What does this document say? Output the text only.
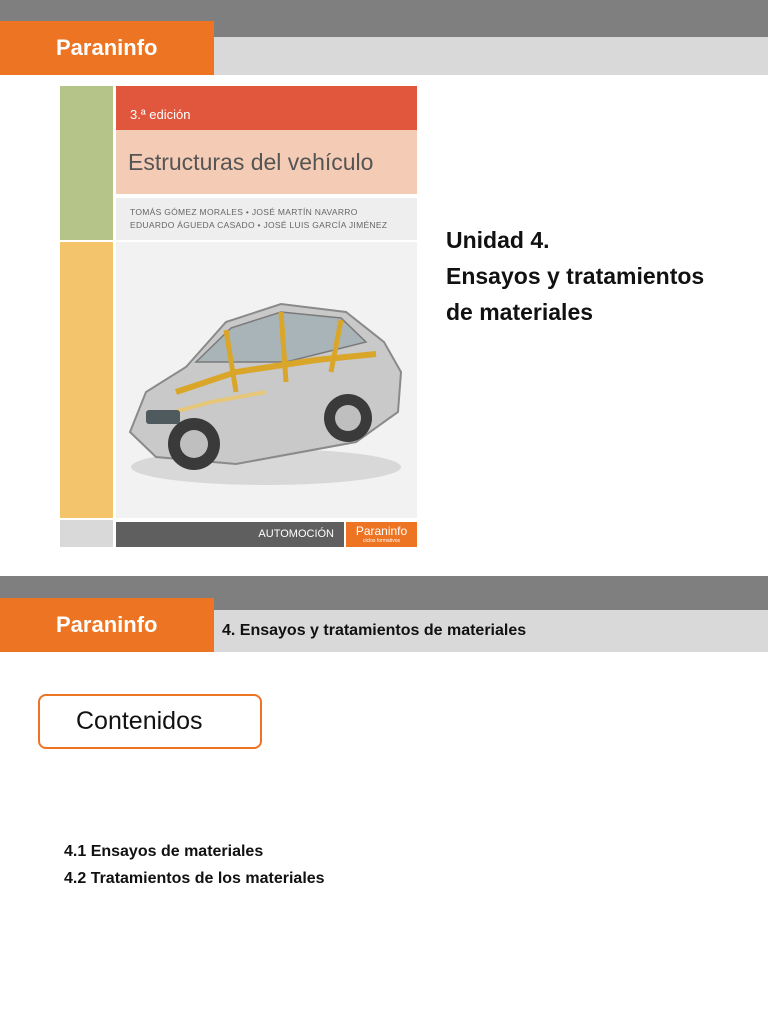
Paraninfo
3.ª edición
Estructuras del vehículo
TOMÁS GÓMEZ MORALES • JOSÉ MARTÍN NAVARRO
EDUARDO ÁGUEDA CASADO • JOSÉ LUIS GARCÍA JIMÉNEZ
AUTOMOCIÓN	Paraninfo
ciclos formativos
Unidad 4.
Ensayos y tratamientos
de materiales
Paraninfo	4. Ensayos y tratamientos de materiales
Contenidos
4.1 Ensayos de materiales
4.2 Tratamientos de los materiales
